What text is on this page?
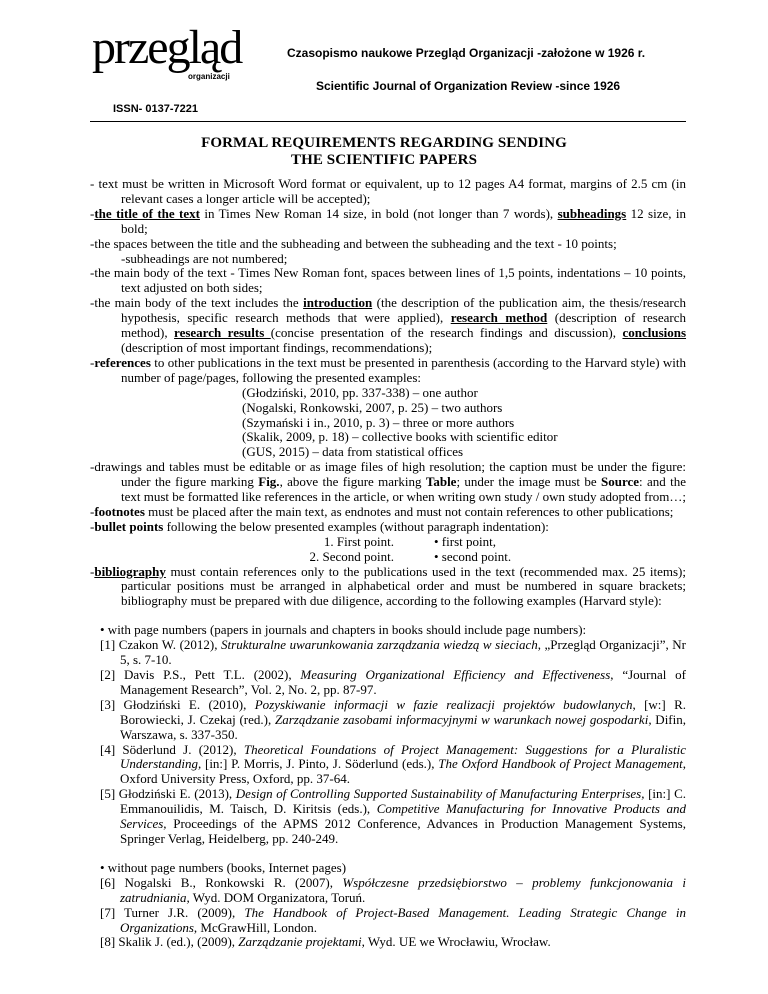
przegląd
organizacji
Czasopismo naukowe Przegląd Organizacji -założone w 1926 r.
Scientific Journal of Organization Review -since 1926
ISSN- 0137-7221
FORMAL REQUIREMENTS REGARDING SENDING
THE SCIENTIFIC PAPERS

- text must be written in Microsoft Word format or equivalent, up to 12 pages A4 format, margins of 2.5 cm (in relevant cases a longer article will be accepted);

-the title of the text in Times New Roman 14 size, in bold (not longer than 7 words), subheadings 12 size, in bold;

-the spaces between the title and the subheading and between the subheading and the text - 10 points;
-subheadings are not numbered;

-the main body of the text - Times New Roman font, spaces between lines of 1,5 points, indentations – 10 points, text adjusted on both sides;

-the main body of the text includes the introduction (the description of the publication aim, the thesis/research hypothesis, specific research methods that were applied), research method (description of research method), research results (concise presentation of the research findings and discussion), conclusions (description of most important findings, recommendations);

-references to other publications in the text must be presented in parenthesis (according to the Harvard style) with number of page/pages, following the presented examples:

(Głodziński, 2010, pp. 337-338) – one author

(Nogalski, Ronkowski, 2007, p. 25) – two authors

(Szymański i in., 2010, p. 3) – three or more authors

(Skalik, 2009, p. 18) – collective books with scientific editor

(GUS, 2015) – data from statistical offices

-drawings and tables must be editable or as image files of high resolution; the caption must be under the figure: under the figure marking Fig., above the figure marking Table; under the image must be Source: and the text must be formatted like references in the article, or when writing own study / own study adopted from…;

-footnotes must be placed after the main text, as endnotes and must not contain references to other publications;

-bullet points following the below presented examples (without paragraph indentation):

1. First point.	• first point,
2. Second point.	• second point.

-bibliography must contain references only to the publications used in the text (recommended max. 25 items); particular positions must be arranged in alphabetical order and must be numbered in square brackets; bibliography must be prepared with due diligence, according to the following examples (Harvard style):

• with page numbers (papers in journals and chapters in books should include page numbers):

[1] Czakon W. (2012), Strukturalne uwarunkowania zarządzania wiedzą w sieciach, „Przegląd Organizacji”, Nr 5, s. 7-10.

[2] Davis P.S., Pett T.L. (2002), Measuring Organizational Efficiency and Effectiveness, “Journal of Management Research”, Vol. 2, No. 2, pp. 87-97.

[3] Głodziński E. (2010), Pozyskiwanie informacji w fazie realizacji projektów budowlanych, [w:] R. Borowiecki, J. Czekaj (red.), Zarządzanie zasobami informacyjnymi w warunkach nowej gospodarki, Difin, Warszawa, s. 337-350.

[4] Söderlund J. (2012), Theoretical Foundations of Project Management: Suggestions for a Pluralistic Understanding, [in:] P. Morris, J. Pinto, J. Söderlund (eds.), The Oxford Handbook of Project Management, Oxford University Press, Oxford, pp. 37-64.

[5] Głodziński E. (2013), Design of Controlling Supported Sustainability of Manufacturing Enterprises, [in:] C. Emmanouilidis, M. Taisch, D. Kiritsis (eds.), Competitive Manufacturing for Innovative Products and Services, Proceedings of the APMS 2012 Conference, Advances in Production Management Systems, Springer Verlag, Heidelberg, pp. 240-249.

• without page numbers (books, Internet pages)

[6] Nogalski B., Ronkowski R. (2007), Współczesne przedsiębiorstwo – problemy funkcjonowania i zatrudniania, Wyd. DOM Organizatora, Toruń.

[7] Turner J.R. (2009), The Handbook of Project-Based Management. Leading Strategic Change in Organizations, McGrawHill, London.

[8] Skalik J. (ed.), (2009), Zarządzanie projektami, Wyd. UE we Wrocławiu, Wrocław.
